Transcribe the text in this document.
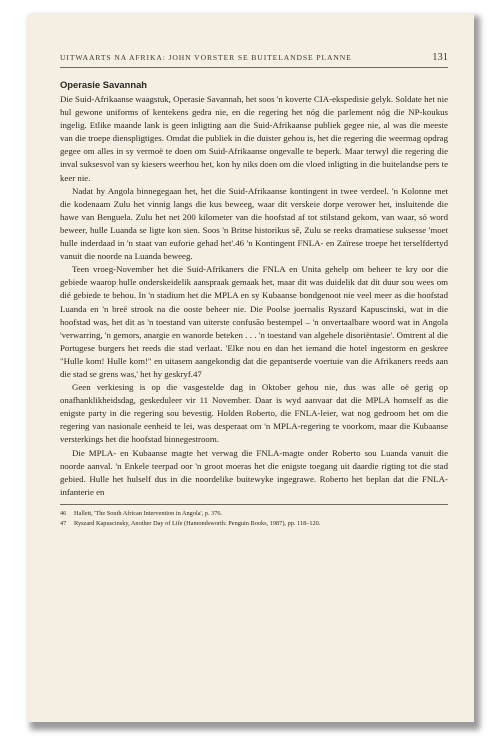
UITWAARTS NA AFRIKA: JOHN VORSTER SE BUITELANDSE PLANNE	131
Operasie Savannah

Die Suid-Afrikaanse waagstuk, Operasie Savannah, het soos 'n koverte CIA-ekspedisie gelyk. Soldate het nie hul gewone uniforms of kentekens gedra nie, en die regering het nóg die parlement nóg die NP-koukus ingelig. Etlike maande lank is geen inligting aan die Suid-Afrikaanse publiek gegee nie, al was die meeste van die troepe dienspligtiges. Omdat die publiek in die duister gehou is, het die regering die weermag opdrag gegee om alles in sy vermoë te doen om Suid-Afrikaanse ongevalle te beperk. Maar terwyl die regering die inval suksesvol van sy kiesers weerhou het, kon hy niks doen om die vloed inligting in die buitelandse pers te keer nie.

Nadat hy Angola binnegegaan het, het die Suid-Afrikaanse kontingent in twee verdeel. 'n Kolonne met die kodenaam Zulu het vinnig langs die kus beweeg, waar dit verskeie dorpe verower het, insluitende die hawe van Benguela. Zulu het net 200 kilometer van die hoofstad af tot stilstand gekom, van waar, só word beweer, hulle Luanda se ligte kon sien. Soos 'n Britse historikus sê, Zulu se reeks dramatiese suksesse 'moet hulle inderdaad in 'n staat van euforie gehad het'.46 'n Kontingent FNLA- en Zaïrese troepe het terselfdertyd vanuit die noorde na Luanda beweeg.

Teen vroeg-November het die Suid-Afrikaners die FNLA en Unita gehelp om beheer te kry oor die gebiede waarop hulle onderskeidelik aanspraak gemaak het, maar dit was duidelik dat dit duur sou wees om dié gebiede te behou. In 'n stadium het die MPLA en sy Kubaanse bondgenoot nie veel meer as die hoofstad Luanda en 'n breë strook na die ooste beheer nie. Die Poolse joernalis Ryszard Kapuscinski, wat in die hoofstad was, het dit as 'n toestand van uiterste confusão bestempel – 'n onvertaalbare woord wat in Angola 'verwarring, 'n gemors, anargie en wanorde beteken . . . 'n toestand van algehele disoriëntasie'. Omtrent al die Portugese burgers het reeds die stad verlaat. 'Elke nou en dan het iemand die hotel ingestorm en geskree "Hulle kom! Hulle kom!" en uitasem aangekondig dat die gepantserde voertuie van die Afrikaners reeds aan die stad se grens was,' het hy geskryf.47

Geen verkiesing is op die vasgestelde dag in Oktober gehou nie, dus was alle oë gerig op onafhanklikheidsdag, geskeduleer vir 11 November. Daar is wyd aanvaar dat die MPLA homself as die enigste party in die regering sou bevestig. Holden Roberto, die FNLA-leier, wat nog gedroom het om die regering van nasionale eenheid te lei, was desperaat om 'n MPLA-regering te voorkom, maar die Kubaanse versterkings het die hoofstad binnegestroom.

Die MPLA- en Kubaanse magte het verwag die FNLA-magte onder Roberto sou Luanda vanuit die noorde aanval. 'n Enkele teerpad oor 'n groot moeras het die enigste toegang uit daardie rigting tot die stad gebied. Hulle het hulself dus in die noordelike buitewyke ingegrawe. Roberto het beplan dat die FNLA-infanterie en

46	Hallett, 'The South African Intervention in Angola', p. 376.
47	Ryszard Kapuscinsky, Another Day of Life (Hamondsworth: Penguin Books, 1987), pp. 118–120.
